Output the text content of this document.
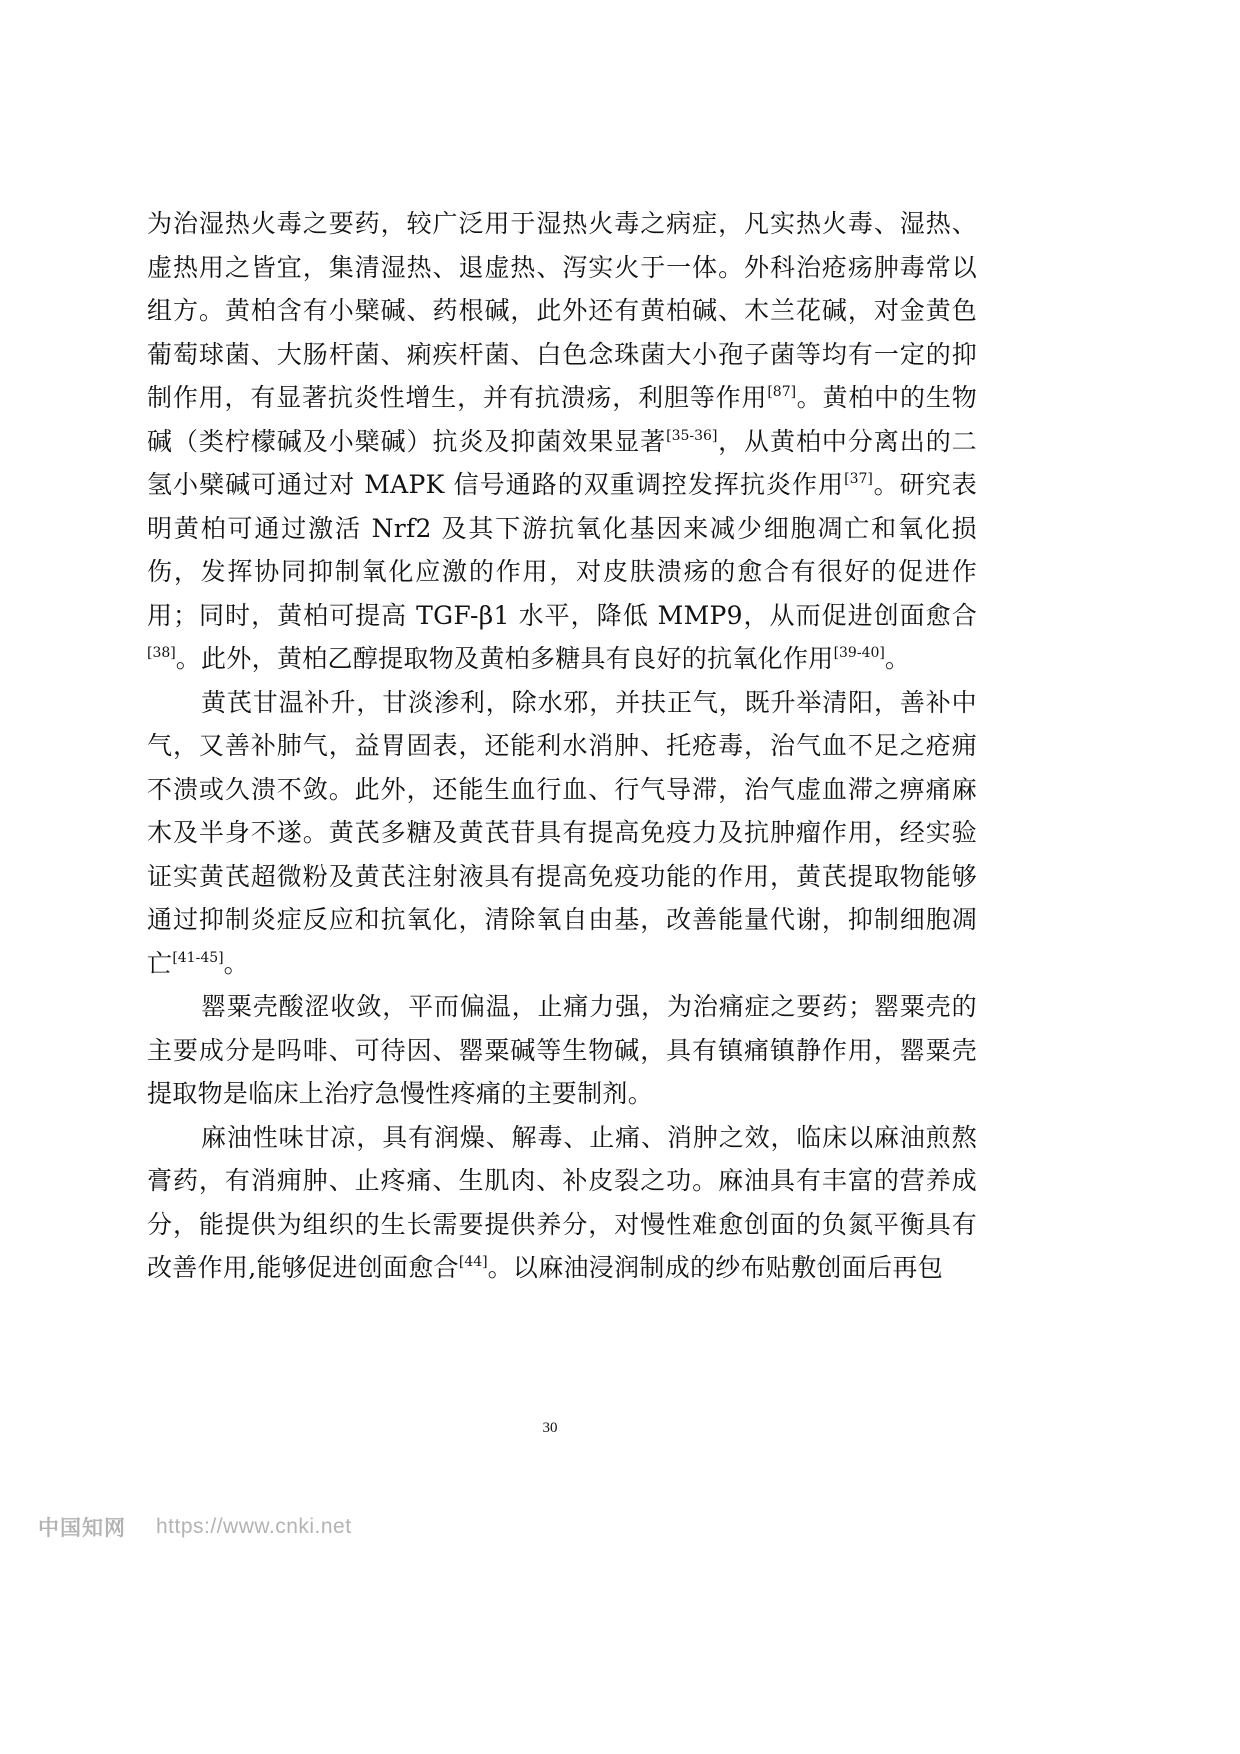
为治湿热火毒之要药，较广泛用于湿热火毒之病症，凡实热火毒、湿热、虚热用之皆宜，集清湿热、退虚热、泻实火于一体。外科治疮疡肿毒常以组方。黄柏含有小檗碱、药根碱，此外还有黄柏碱、木兰花碱，对金黄色葡萄球菌、大肠杆菌、痢疾杆菌、白色念珠菌大小孢子菌等均有一定的抑制作用，有显著抗炎性增生，并有抗溃疡，利胆等作用[87]。黄柏中的生物碱（类柠檬碱及小檗碱）抗炎及抑菌效果显著[35-36]，从黄柏中分离出的二氢小檗碱可通过对 MAPK 信号通路的双重调控发挥抗炎作用[37]。研究表明黄柏可通过激活 Nrf2 及其下游抗氧化基因来减少细胞凋亡和氧化损伤，发挥协同抑制氧化应激的作用，对皮肤溃疡的愈合有很好的促进作用；同时，黄柏可提高 TGF-β1 水平，降低 MMP9，从而促进创面愈合[38]。此外，黄柏乙醇提取物及黄柏多糖具有良好的抗氧化作用[39-40]。

黄芪甘温补升，甘淡渗利，除水邪，并扶正气，既升举清阳，善补中气，又善补肺气，益胃固表，还能利水消肿、托疮毒，治气血不足之疮痈不溃或久溃不敛。此外，还能生血行血、行气导滞，治气虚血滞之痹痛麻木及半身不遂。黄芪多糖及黄芪苷具有提高免疫力及抗肿瘤作用，经实验证实黄芪超微粉及黄芪注射液具有提高免疫功能的作用，黄芪提取物能够通过抑制炎症反应和抗氧化，清除氧自由基，改善能量代谢，抑制细胞凋亡[41-45]。

罂粟壳酸涩收敛，平而偏温，止痛力强，为治痛症之要药；罂粟壳的主要成分是吗啡、可待因、罂粟碱等生物碱，具有镇痛镇静作用，罂粟壳提取物是临床上治疗急慢性疼痛的主要制剂。

麻油性味甘凉，具有润燥、解毒、止痛、消肿之效，临床以麻油煎熬膏药，有消痈肿、止疼痛、生肌肉、补皮裂之功。麻油具有丰富的营养成分，能提供为组织的生长需要提供养分，对慢性难愈创面的负氮平衡具有改善作用,能够促进创面愈合[44]。以麻油浸润制成的纱布贴敷创面后再包

30
中国知网 https://www.cnki.net
